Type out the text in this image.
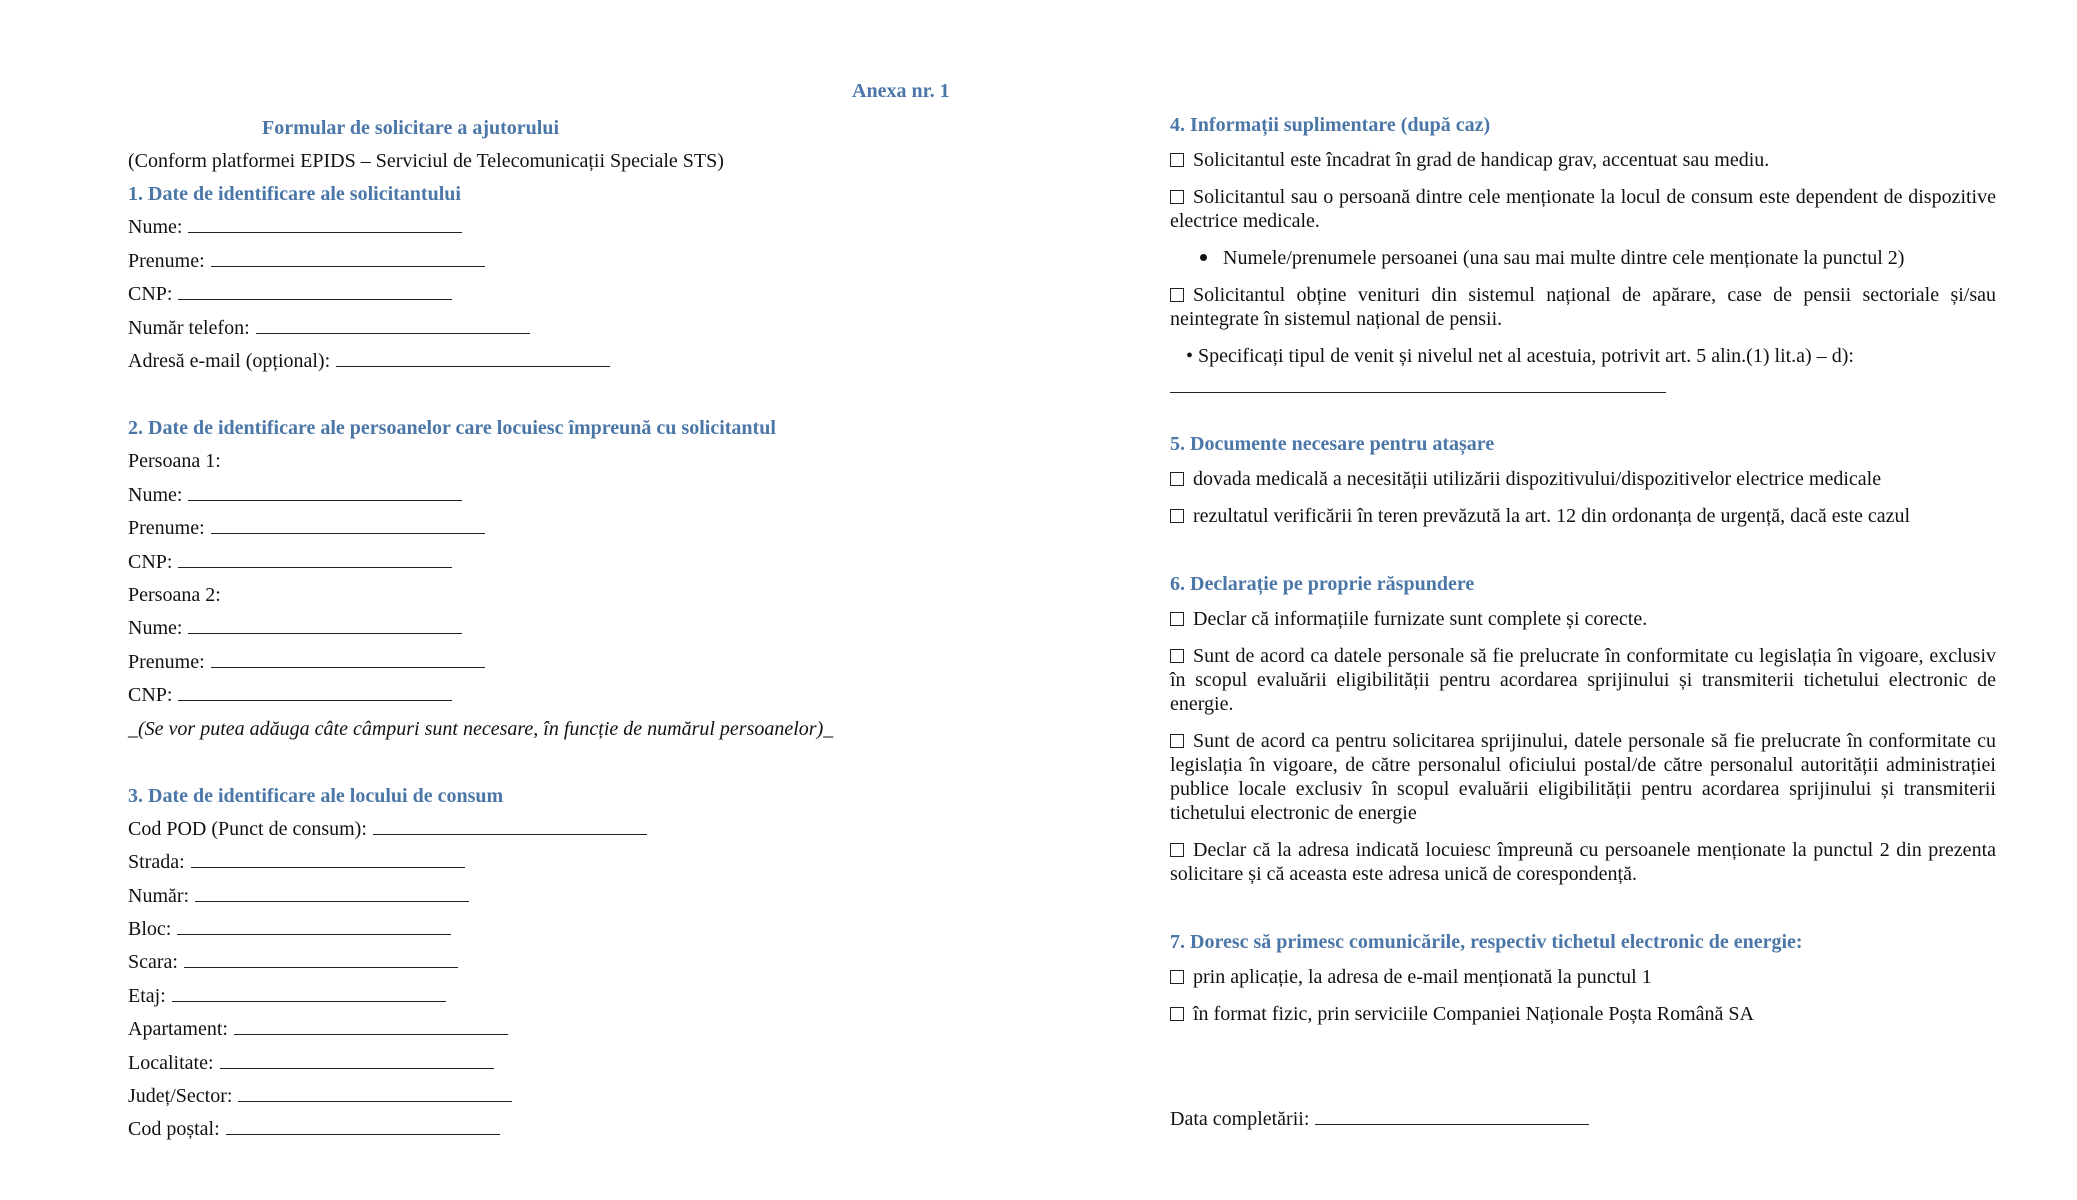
Anexa nr. 1
Formular de solicitare a ajutorului
(Conform platformei EPIDS – Serviciul de Telecomunicații Speciale STS)
1. Date de identificare ale solicitantului
Nume:
Prenume:
CNP:
Număr telefon:
Adresă e-mail (opțional):
2. Date de identificare ale persoanelor care locuiesc împreună cu solicitantul
Persoana 1:
Nume:
Prenume:
CNP:
Persoana 2:
Nume:
Prenume:
CNP:
_(Se vor putea adăuga câte câmpuri sunt necesare, în funcție de numărul persoanelor)_
3. Date de identificare ale locului de consum
Cod POD (Punct de consum):
Strada:
Număr:
Bloc:
Scara:
Etaj:
Apartament:
Localitate:
Județ/Sector:
Cod poștal:
4. Informații suplimentare (după caz)
Solicitantul este încadrat în grad de handicap grav, accentuat sau mediu.
Solicitantul sau o persoană dintre cele menționate la locul de consum este dependent de dispozitive electrice medicale.
Numele/prenumele persoanei (una sau mai multe dintre cele menționate la punctul 2)
Solicitantul obține venituri din sistemul național de apărare, case de pensii sectoriale și/sau neintegrate în sistemul național de pensii.
• Specificați tipul de venit și nivelul net al acestuia, potrivit art. 5 alin.(1) lit.a) – d):
5. Documente necesare pentru atașare
dovada medicală a necesității utilizării dispozitivului/dispozitivelor electrice medicale
rezultatul verificării în teren prevăzută la art. 12 din ordonanța de urgență, dacă este cazul
6. Declarație pe proprie răspundere
Declar că informațiile furnizate sunt complete și corecte.
Sunt de acord ca datele personale să fie prelucrate în conformitate cu legislația în vigoare, exclusiv în scopul evaluării eligibilității pentru acordarea sprijinului și transmiterii tichetului electronic de energie.
Sunt de acord ca pentru solicitarea sprijinului, datele personale să fie prelucrate în conformitate cu legislația în vigoare, de către personalul oficiului postal/de către personalul autorității administrației publice locale exclusiv în scopul evaluării eligibilității pentru acordarea sprijinului și transmiterii tichetului electronic de energie
Declar că la adresa indicată locuiesc împreună cu persoanele menționate la punctul 2 din prezenta solicitare și că aceasta este adresa unică de corespondență.
7. Doresc să primesc comunicările, respectiv tichetul electronic de energie:
prin aplicație, la adresa de e-mail menționată la punctul 1
în format fizic, prin serviciile Companiei Naționale Poșta Română SA
Data completării:
